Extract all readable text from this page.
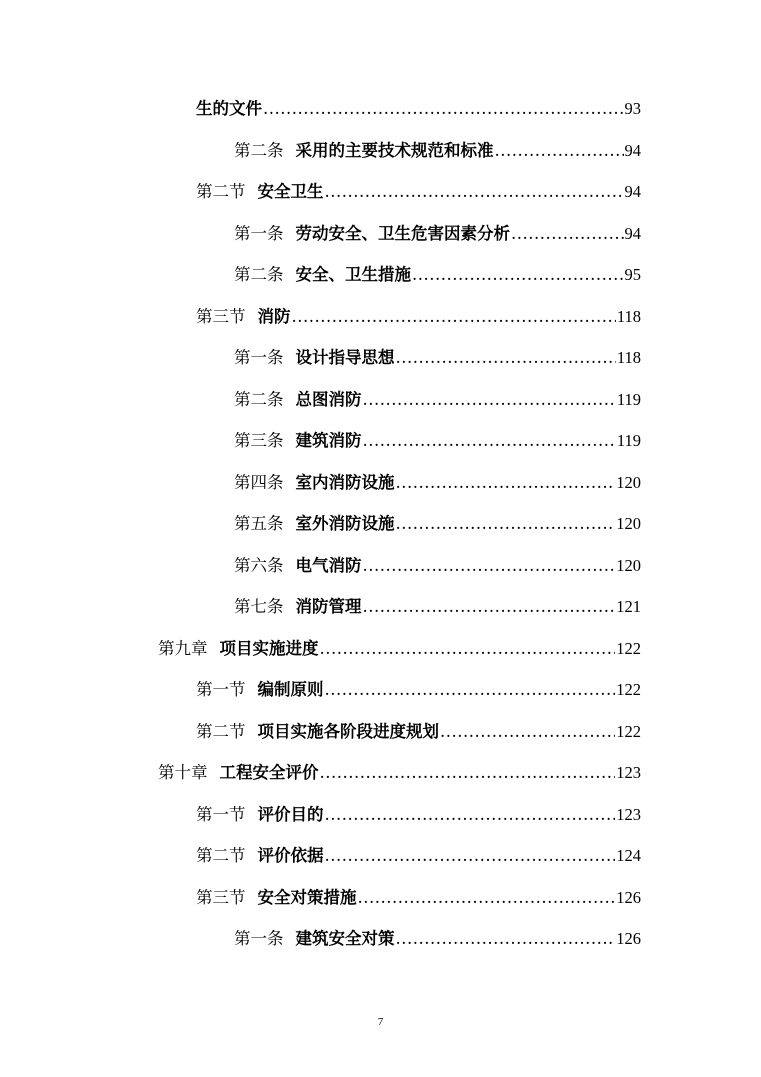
生的文件 .....	93
第二条 采用的主要技术规范和标准 .....	94
第二节 安全卫生 .....	94
第一条 劳动安全、卫生危害因素分析 .....	94
第二条 安全、卫生措施 .....	95
第三节 消防 .....	118
第一条 设计指导思想 .....	118
第二条 总图消防 .....	119
第三条 建筑消防 .....	119
第四条 室内消防设施 .....	120
第五条 室外消防设施 .....	120
第六条 电气消防 .....	120
第七条 消防管理 .....	121
第九章 项目实施进度 .....	122
第一节 编制原则 .....	122
第二节 项目实施各阶段进度规划 .....	122
第十章 工程安全评价 .....	123
第一节 评价目的 .....	123
第二节 评价依据 .....	124
第三节 安全对策措施 .....	126
第一条 建筑安全对策 .....	126
7
